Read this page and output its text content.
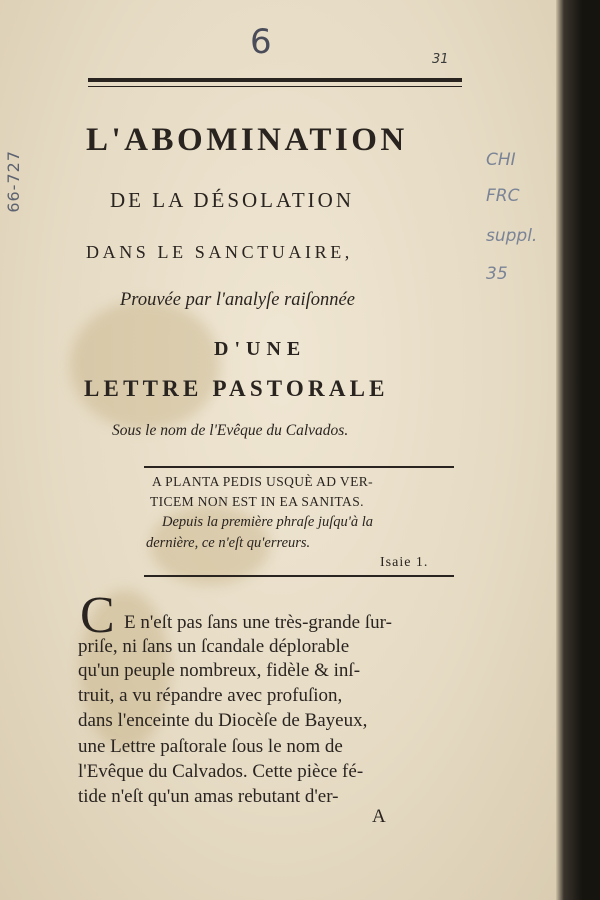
6	31
66-727	CHI
FRC
suppl.
35
L'ABOMINATION
DE LA DÉSOLATION
DANS LE SANCTUAIRE,
Prouvée par l'analyſe raiſonnée
D'UNE
LETTRE PASTORALE
Sous le nom de l'Evêque du Calvados.
A PLANTA PEDIS USQUÈ AD VER-
TICEM NON EST IN EA SANITAS.
Depuis la première phraſe juſqu'à la
dernière, ce n'eſt qu'erreurs.
Isaie 1.
C E n'eſt pas ſans une très-grande ſur-
priſe, ni ſans un ſcandale déplorable
qu'un peuple nombreux, fidèle & inſ-
truit, a vu répandre avec profuſion,
dans l'enceinte du Diocèſe de Bayeux,
une Lettre paſtorale ſous le nom de
l'Evêque du Calvados. Cette pièce fé-
tide n'eſt qu'un amas rebutant d'er-
A
